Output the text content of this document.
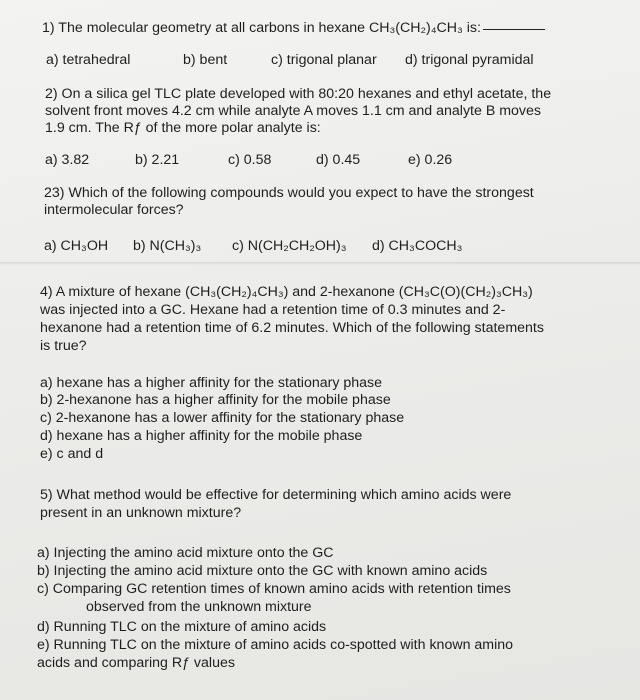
1) The molecular geometry at all carbons in hexane CH₃(CH₂)₄CH₃ is:
a) tetrahedral	b) bent	c) trigonal planar d) trigonal pyramidal
2) On a silica gel TLC plate developed with 80:20 hexanes and ethyl acetate, the
solvent front moves 4.2 cm while analyte A moves 1.1 cm and analyte B moves
1.9 cm. The Rƒ of the more polar analyte is:
a) 3.82	b) 2.21	c) 0.58	d) 0.45	e) 0.26
23) Which of the following compounds would you expect to have the strongest
intermolecular forces?
a) CH₃OH b) N(CH₃)₃ c) N(CH₂CH₂OH)₃ d) CH₃COCH₃
4) A mixture of hexane (CH₃(CH₂)₄CH₃) and 2-hexanone (CH₃C(O)(CH₂)₃CH₃)
was injected into a GC. Hexane had a retention time of 0.3 minutes and 2-
hexanone had a retention time of 6.2 minutes. Which of the following statements
is true?
a) hexane has a higher affinity for the stationary phase
b) 2-hexanone has a higher affinity for the mobile phase
c) 2-hexanone has a lower affinity for the stationary phase
d) hexane has a higher affinity for the mobile phase
e) c and d
5) What method would be effective for determining which amino acids were
present in an unknown mixture?
a) Injecting the amino acid mixture onto the GC
b) Injecting the amino acid mixture onto the GC with known amino acids
c) Comparing GC retention times of known amino acids with retention times
observed from the unknown mixture
d) Running TLC on the mixture of amino acids
e) Running TLC on the mixture of amino acids co-spotted with known amino
acids and comparing Rƒ values
